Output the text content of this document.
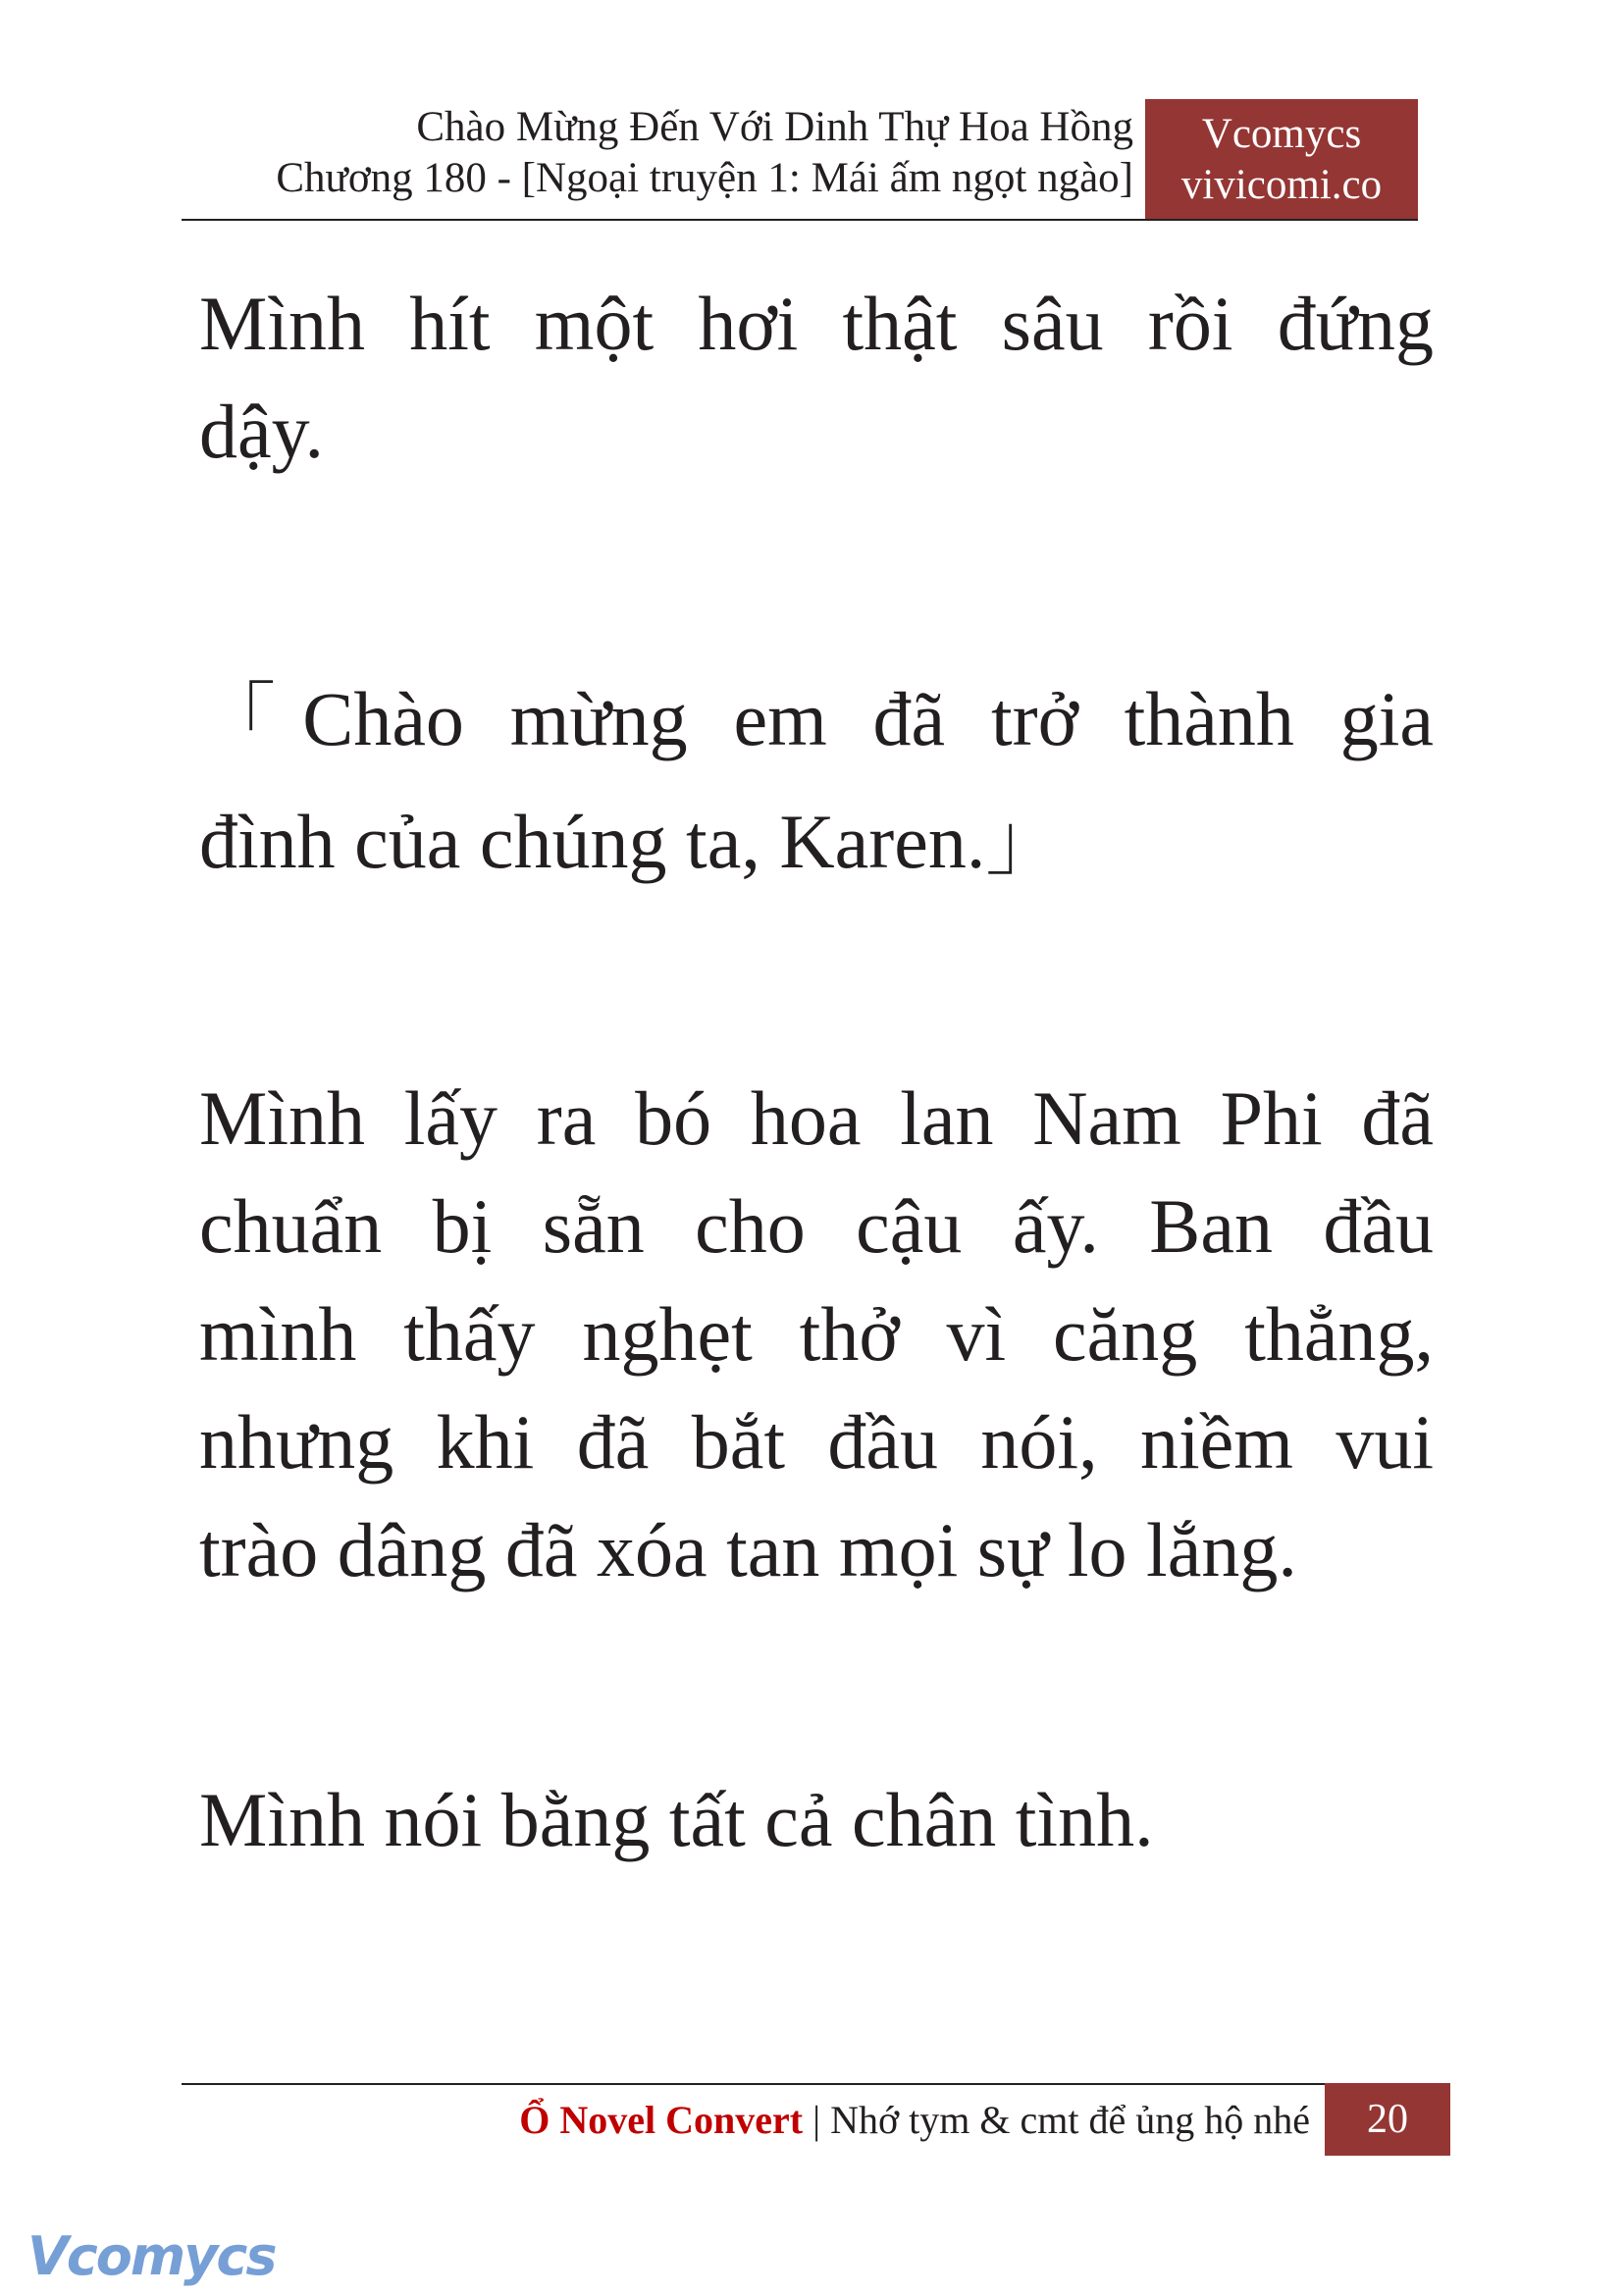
Chào Mừng Đến Với Dinh Thự Hoa Hồng
Chương 180 - [Ngoại truyện 1: Mái ấm ngọt ngào]
Vcomycs
vivicomi.co
Mình hít một hơi thật sâu rồi đứng
dậy.
「Chào mừng em đã trở thành gia
đình của chúng ta, Karen.」
Mình lấy ra bó hoa lan Nam Phi đã
chuẩn bị sẵn cho cậu ấy. Ban đầu
mình thấy nghẹt thở vì căng thẳng,
nhưng khi đã bắt đầu nói, niềm vui
trào dâng đã xóa tan mọi sự lo lắng.
Mình nói bằng tất cả chân tình.
Ổ Novel Convert | Nhớ tym & cmt để ủng hộ nhé	20
Vcomycs
